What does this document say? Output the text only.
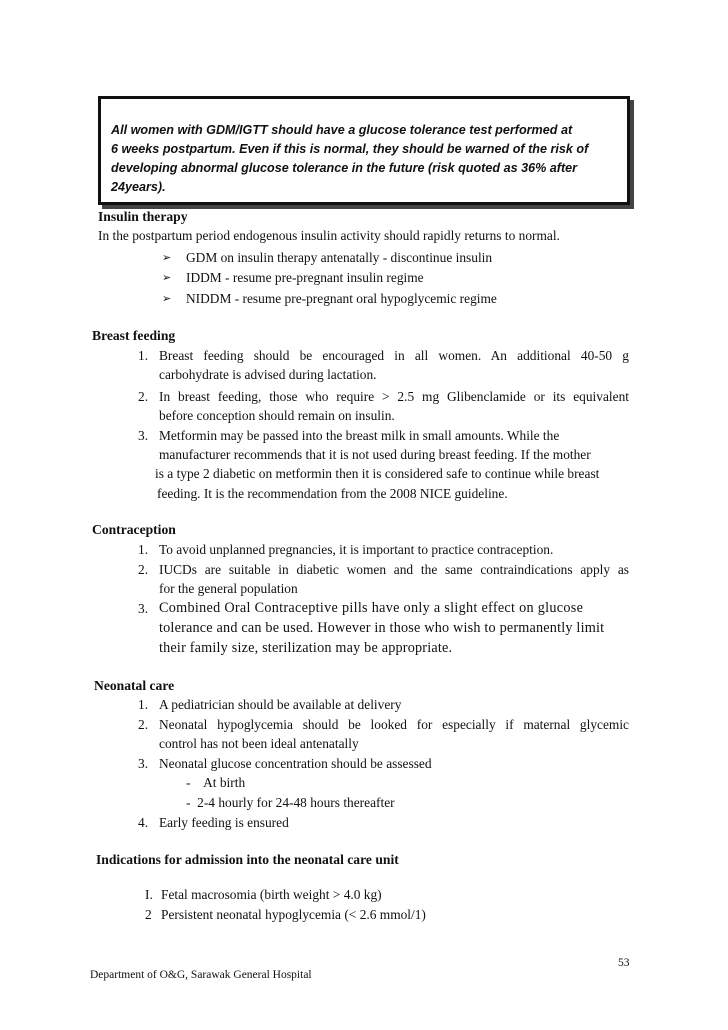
All women with GDM/IGTT should have a glucose tolerance test performed at
6 weeks postpartum. Even if this is normal, they should be warned of the risk of
developing abnormal glucose tolerance in the future (risk quoted as 36% after
24years).
Insulin therapy
In the postpartum period endogenous insulin activity should rapidly returns to normal.
➢ GDM on insulin therapy antenatally - discontinue insulin
➢ IDDM - resume pre-pregnant insulin regime
➢ NIDDM - resume pre-pregnant oral hypoglycemic regime
Breast feeding
1. Breast feeding should be encouraged in all women. An additional 40-50 g
carbohydrate is advised during lactation.
2. In breast feeding, those who require > 2.5 mg Glibenclamide or its equivalent
before conception should remain on insulin.
3. Metformin may be passed into the breast milk in small amounts. While the
manufacturer recommends that it is not used during breast feeding. If the mother
is a type 2 diabetic on metformin then it is considered safe to continue while breast
feeding. It is the recommendation from the 2008 NICE guideline.
Contraception
1. To avoid unplanned pregnancies, it is important to practice contraception.
2. IUCDs are suitable in diabetic women and the same contraindications apply as
for the general population
3. Combined Oral Contraceptive pills have only a slight effect on glucose
tolerance and can be used. However in those who wish to permanently limit
their family size, sterilization may be appropriate.
Neonatal care
1. A pediatrician should be available at delivery
2. Neonatal hypoglycemia should be looked for especially if maternal glycemic
control has not been ideal antenatally
3. Neonatal glucose concentration should be assessed
-    At birth
-  2-4 hourly for 24-48 hours thereafter
4. Early feeding is ensured
Indications for admission into the neonatal care unit
I. Fetal macrosomia (birth weight > 4.0 kg)
2 Persistent neonatal hypoglycemia (< 2.6 mmol/1)
53
Department of O&G, Sarawak General Hospital
